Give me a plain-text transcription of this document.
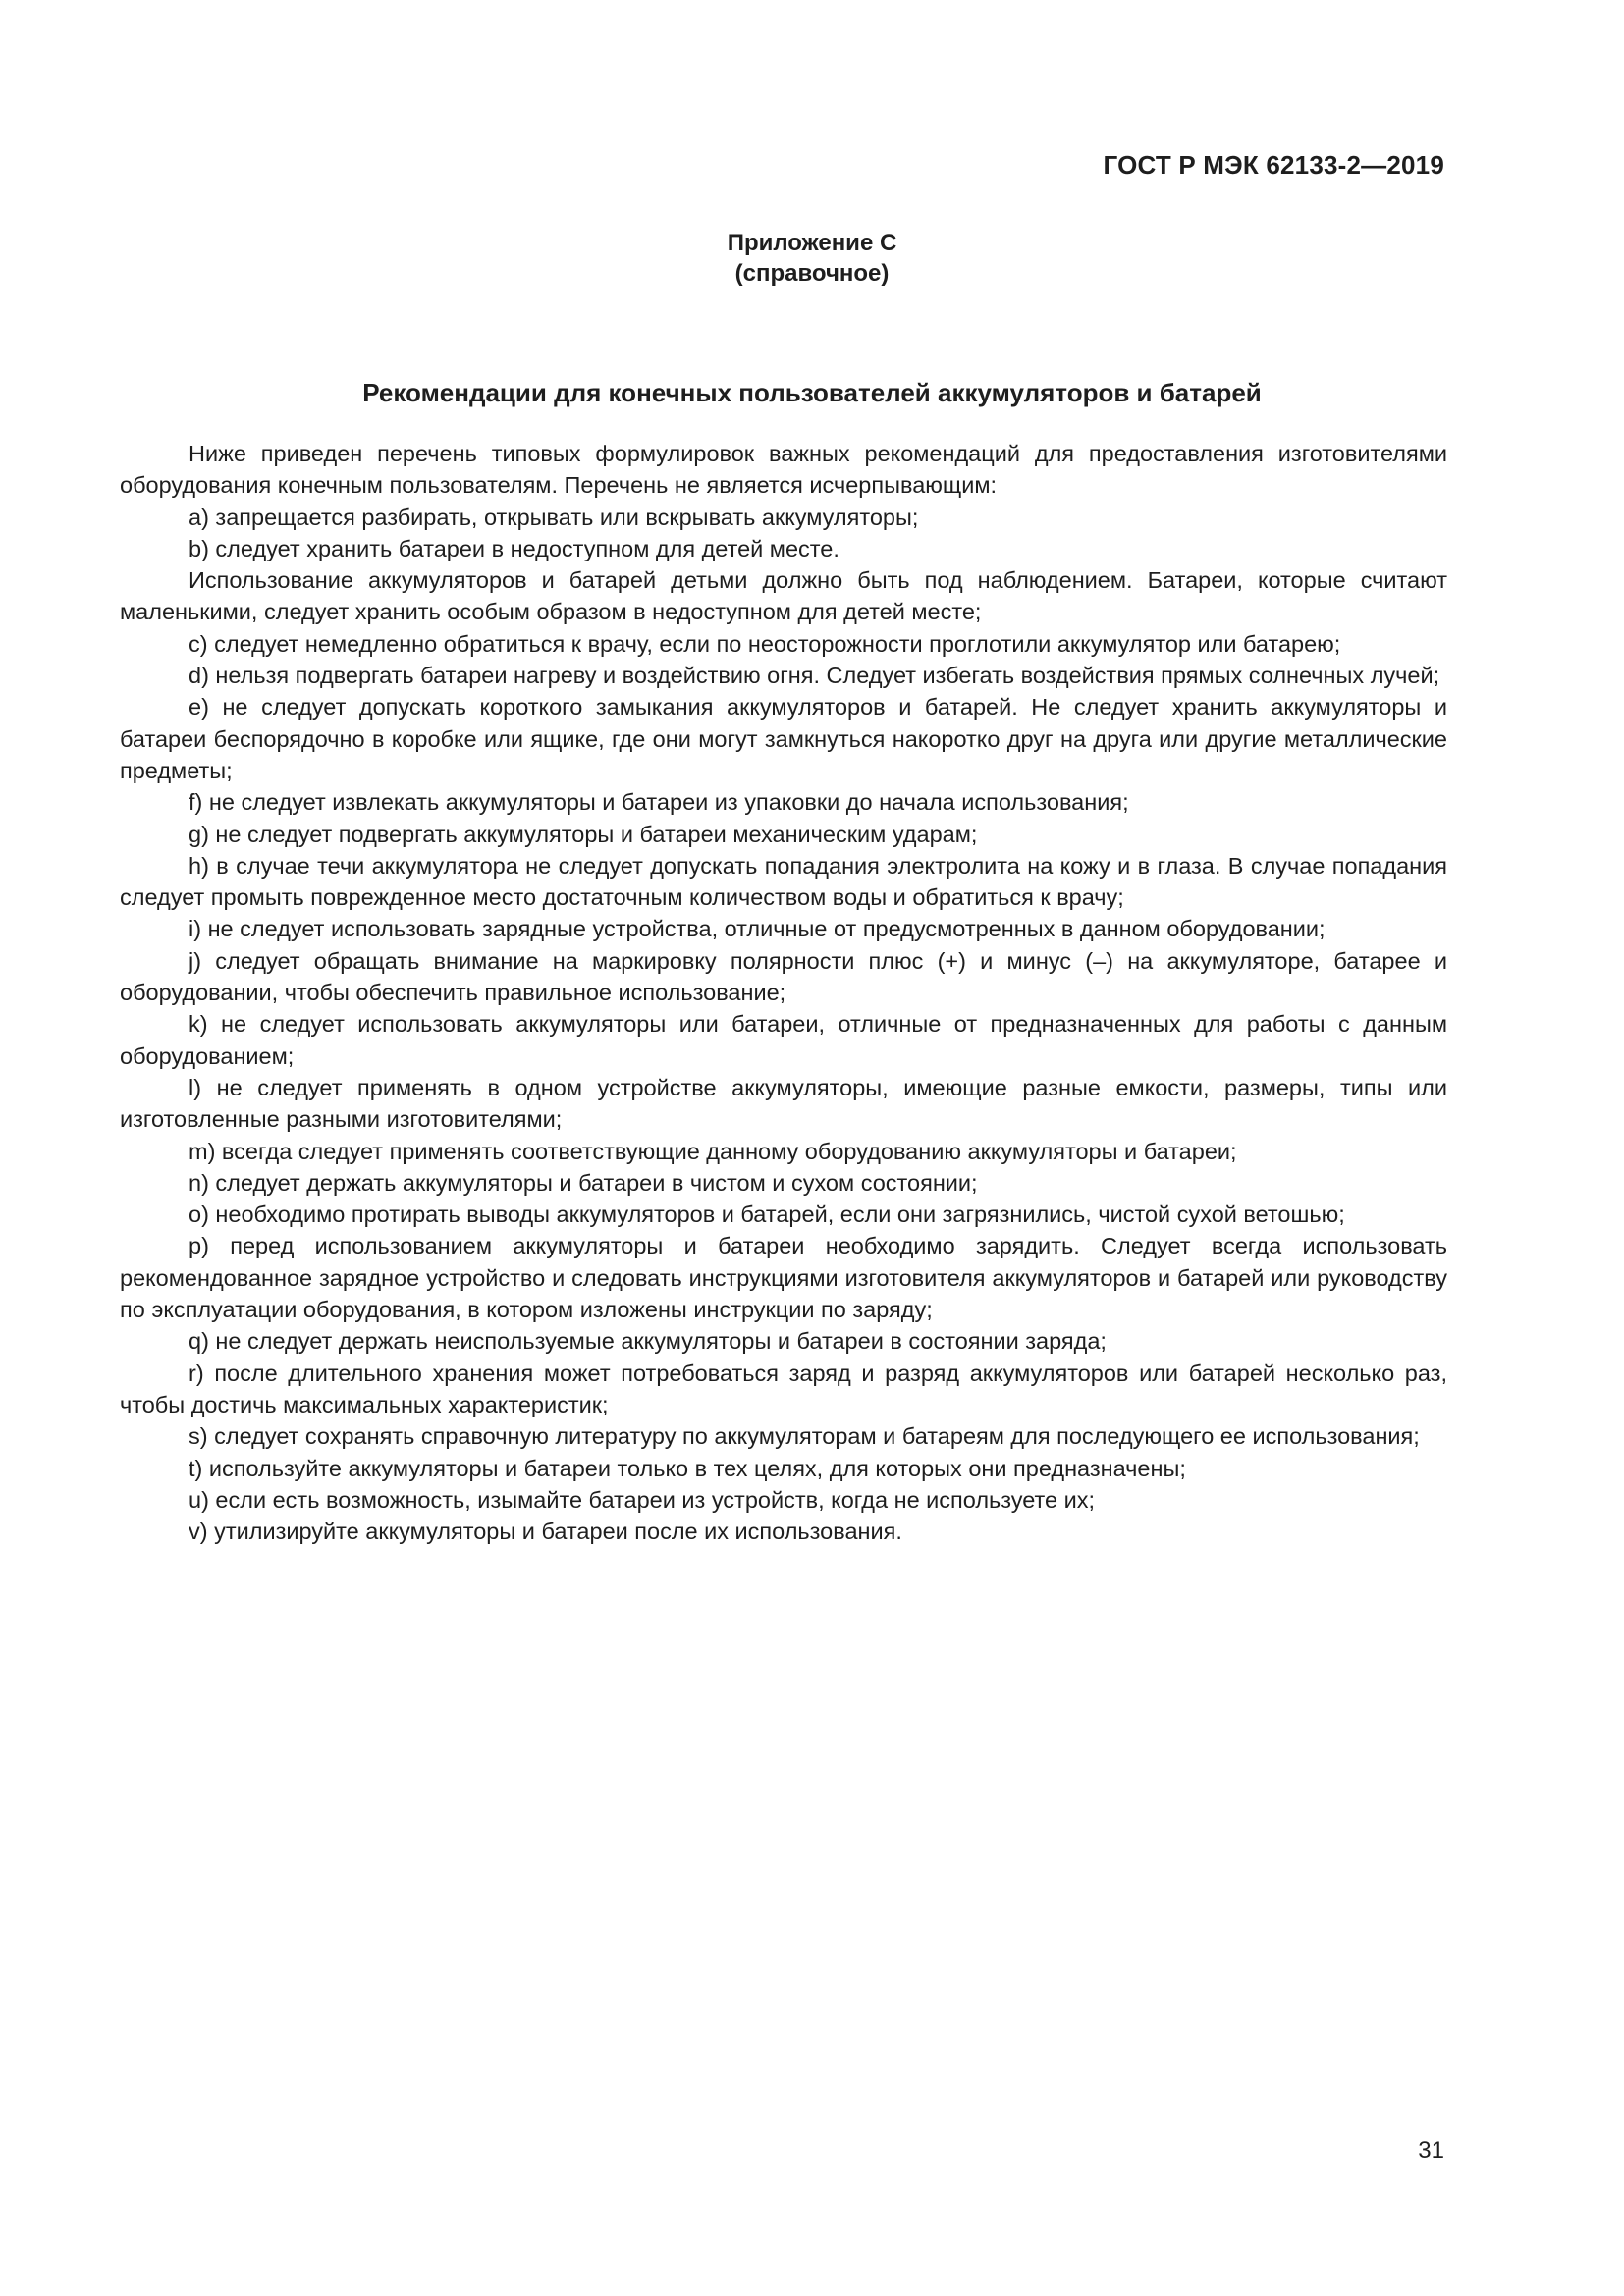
ГОСТ Р МЭК 62133-2—2019
Приложение С
(справочное)
Рекомендации для конечных пользователей аккумуляторов и батарей

Ниже приведен перечень типовых формулировок важных рекомендаций для предоставления изготовителями оборудования конечным пользователям. Перечень не является исчерпывающим:

a) запрещается разбирать, открывать или вскрывать аккумуляторы;

b) следует хранить батареи в недоступном для детей месте.

Использование аккумуляторов и батарей детьми должно быть под наблюдением. Батареи, которые считают маленькими, следует хранить особым образом в недоступном для детей месте;

c) следует немедленно обратиться к врачу, если по неосторожности проглотили аккумулятор или батарею;

d) нельзя подвергать батареи нагреву и воздействию огня. Следует избегать воздействия прямых солнечных лучей;

e) не следует допускать короткого замыкания аккумуляторов и батарей. Не следует хранить аккумуляторы и батареи беспорядочно в коробке или ящике, где они могут замкнуться накоротко друг на друга или другие металлические предметы;

f) не следует извлекать аккумуляторы и батареи из упаковки до начала использования;

g) не следует подвергать аккумуляторы и батареи механическим ударам;

h) в случае течи аккумулятора не следует допускать попадания электролита на кожу и в глаза. В случае попадания следует промыть поврежденное место достаточным количеством воды и обратиться к врачу;

i) не следует использовать зарядные устройства, отличные от предусмотренных в данном оборудовании;

j) следует обращать внимание на маркировку полярности плюс (+) и минус (–) на аккумуляторе, батарее и оборудовании, чтобы обеспечить правильное использование;

k) не следует использовать аккумуляторы или батареи, отличные от предназначенных для работы с данным оборудованием;

l) не следует применять в одном устройстве аккумуляторы, имеющие разные емкости, размеры, типы или изготовленные разными изготовителями;

m) всегда следует применять соответствующие данному оборудованию аккумуляторы и батареи;

n) следует держать аккумуляторы и батареи в чистом и сухом состоянии;

o) необходимо протирать выводы аккумуляторов и батарей, если они загрязнились, чистой сухой ветошью;

p) перед использованием аккумуляторы и батареи необходимо зарядить. Следует всегда использовать рекомендованное зарядное устройство и следовать инструкциями изготовителя аккумуляторов и батарей или руководству по эксплуатации оборудования, в котором изложены инструкции по заряду;

q) не следует держать неиспользуемые аккумуляторы и батареи в состоянии заряда;

r) после длительного хранения может потребоваться заряд и разряд аккумуляторов или батарей несколько раз, чтобы достичь максимальных характеристик;

s) следует сохранять справочную литературу по аккумуляторам и батареям для последующего ее использования;

t) используйте аккумуляторы и батареи только в тех целях, для которых они предназначены;

u) если есть возможность, изымайте батареи из устройств, когда не используете их;

v) утилизируйте аккумуляторы и батареи после их использования.

31
